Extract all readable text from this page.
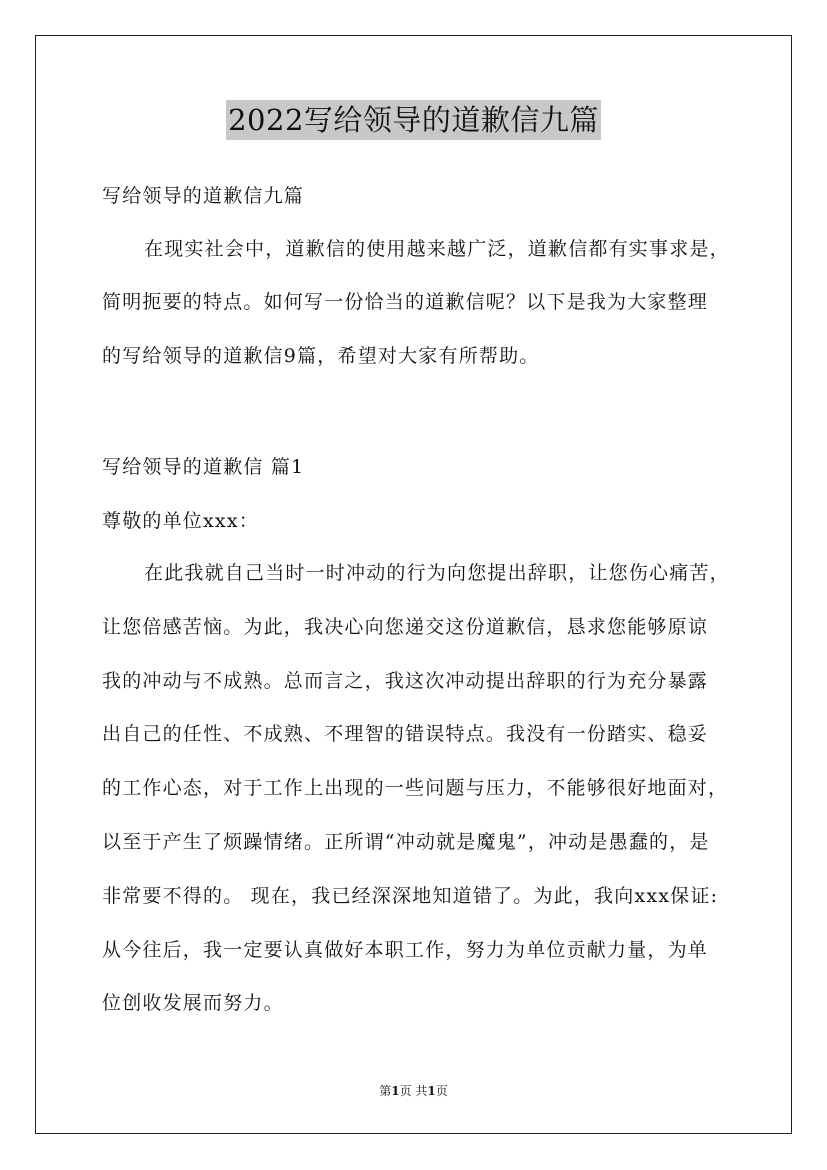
2022写给领导的道歉信九篇
写给领导的道歉信九篇
在现实社会中，道歉信的使用越来越广泛，道歉信都有实事求是，
简明扼要的特点。如何写一份恰当的道歉信呢？以下是我为大家整理
的写给领导的道歉信9篇，希望对大家有所帮助。
写给领导的道歉信 篇1
尊敬的单位xxx：
在此我就自己当时一时冲动的行为向您提出辞职，让您伤心痛苦，
让您倍感苦恼。为此，我决心向您递交这份道歉信，恳求您能够原谅
我的冲动与不成熟。总而言之，我这次冲动提出辞职的行为充分暴露
出自己的任性、不成熟、不理智的错误特点。我没有一份踏实、稳妥
的工作心态，对于工作上出现的一些问题与压力，不能够很好地面对，
以至于产生了烦躁情绪。正所谓“冲动就是魔鬼”，冲动是愚蠢的，是
非常要不得的。 现在，我已经深深地知道错了。为此，我向xxx保证:
从今往后，我一定要认真做好本职工作，努力为单位贡献力量，为单
位创收发展而努力。
第1页 共1页
